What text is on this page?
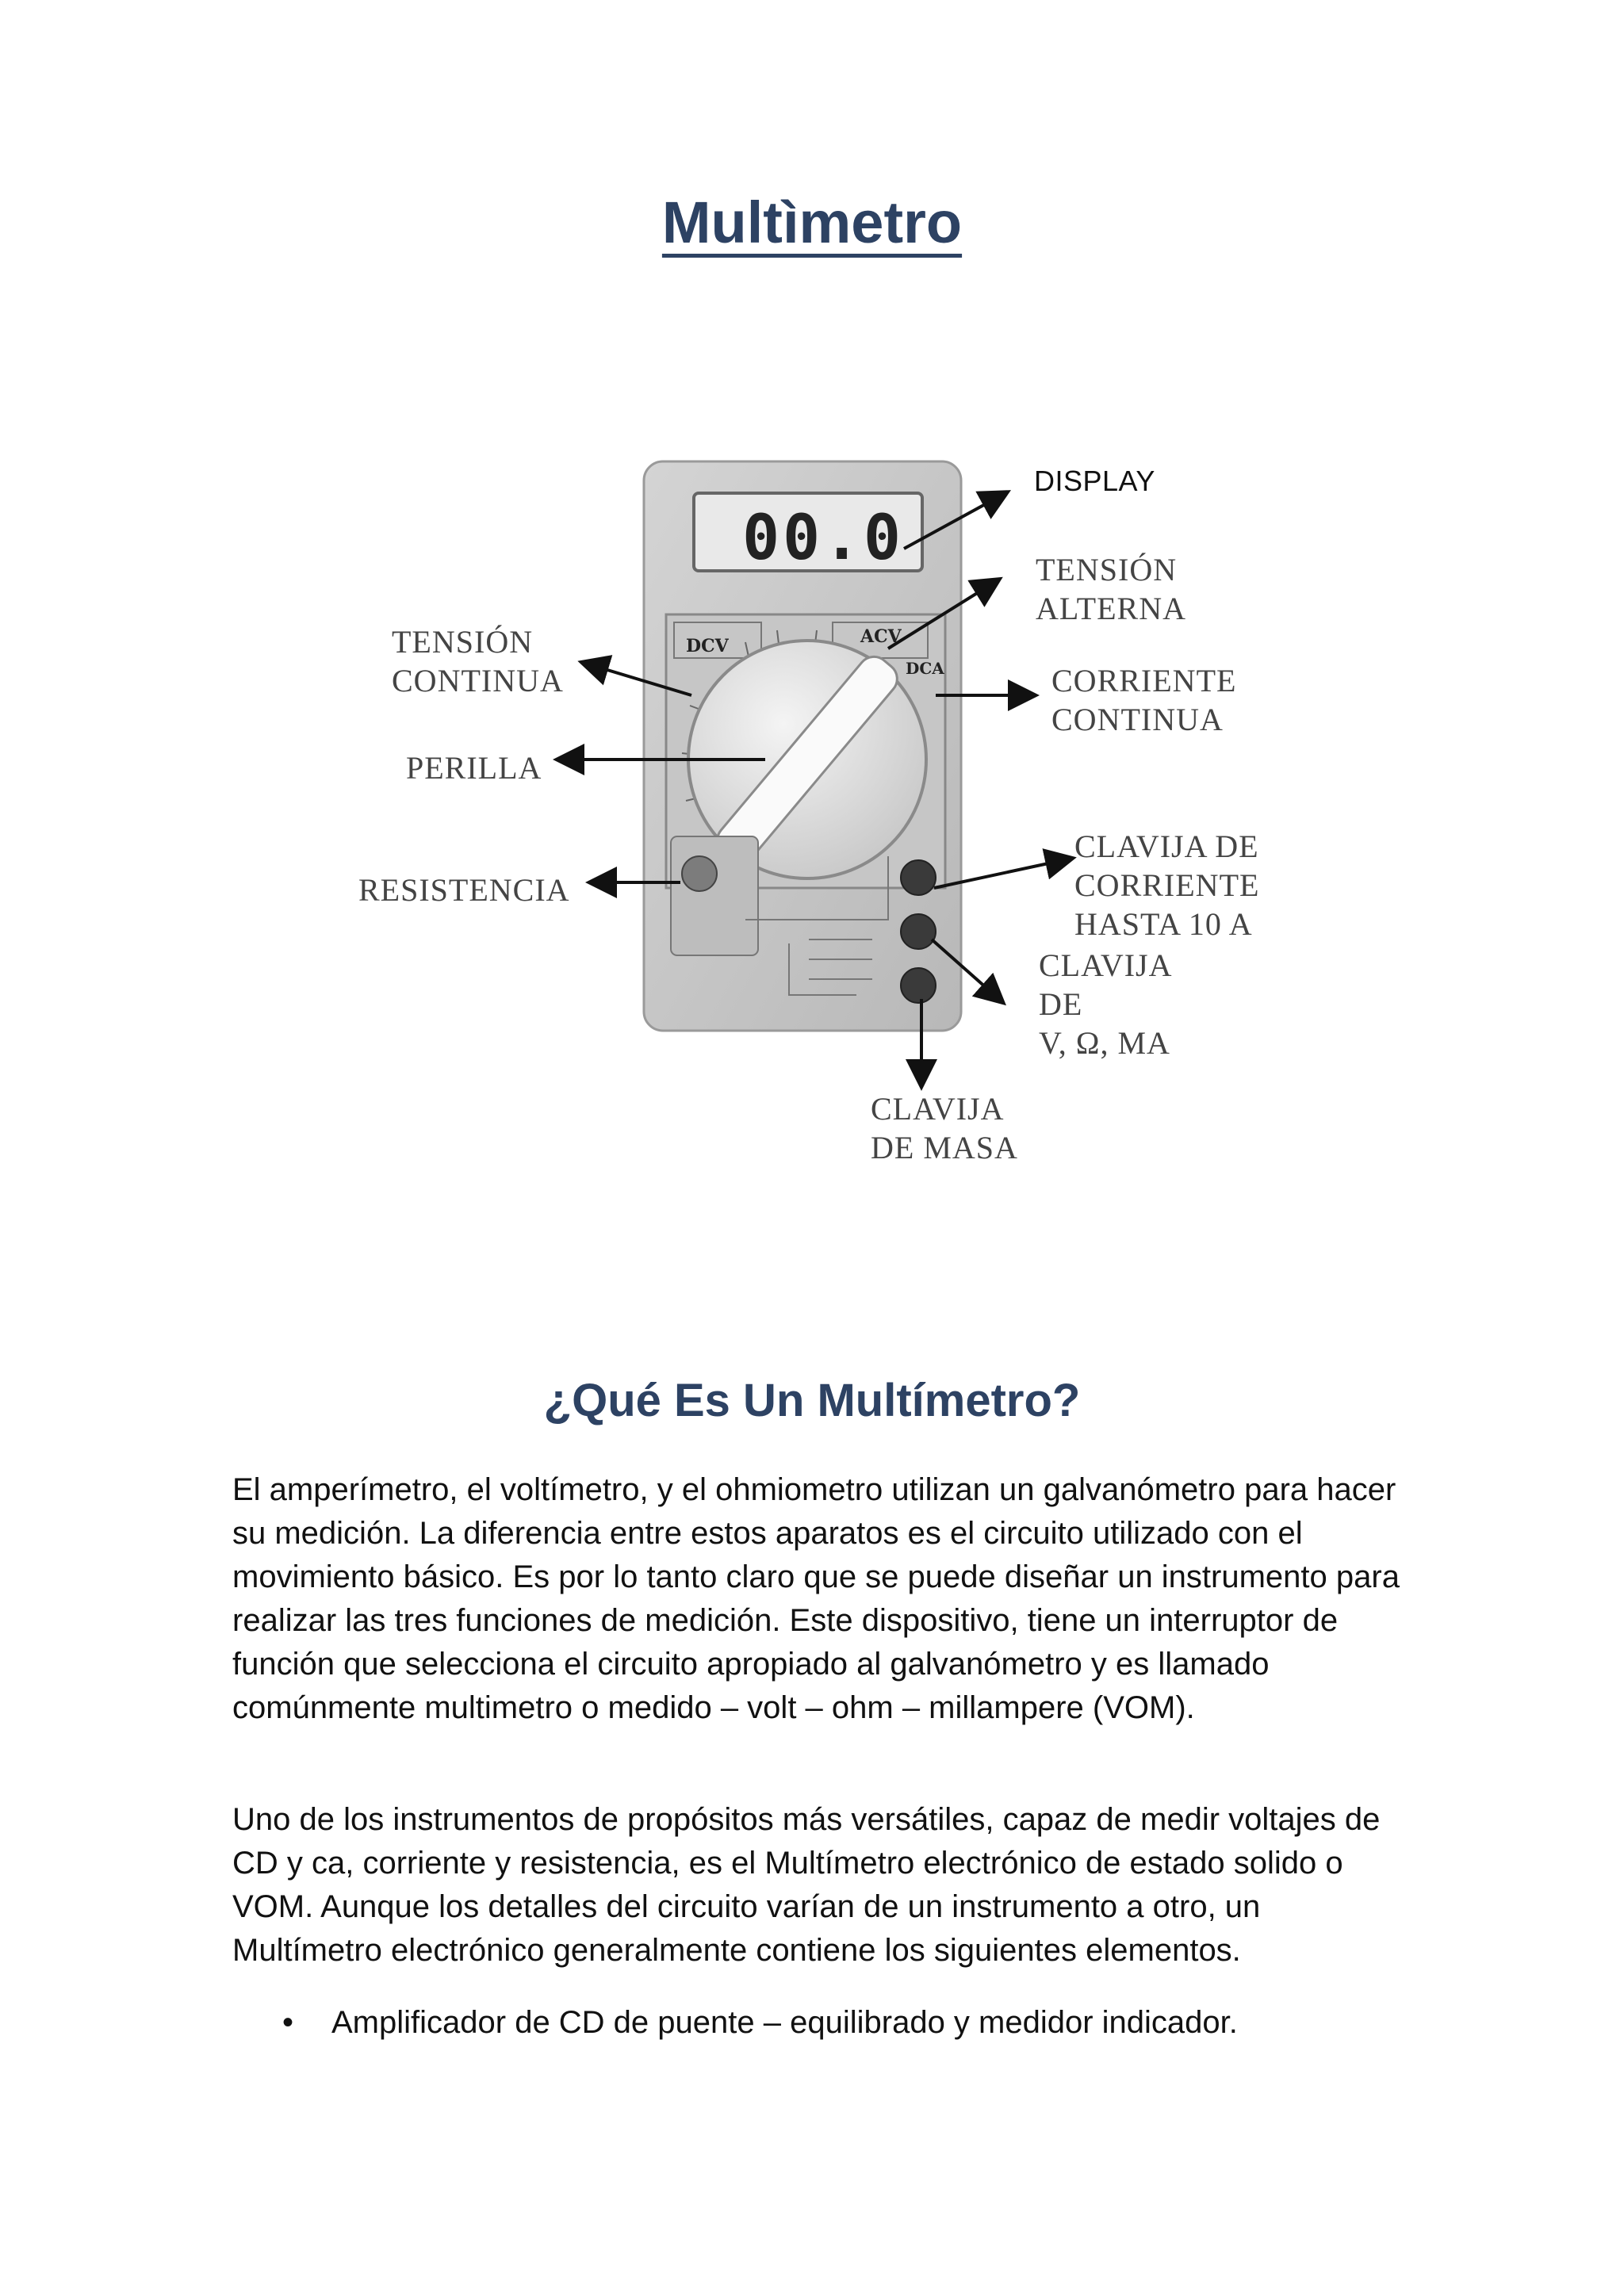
Multìmetro
00.0
DCV	ACV
DCA
DISPLAY
TENSIÓN
ALTERNA
TENSIÓN
CONTINUA	CORRIENTE
CONTINUA
PERILLA
RESISTENCIA
CLAVIJA DE
CORRIENTE
HASTA 10 A
CLAVIJA
DE
V, Ω, MA
CLAVIJA
DE MASA
¿Qué Es Un Multímetro?

El amperímetro, el voltímetro, y el ohmiometro utilizan un galvanómetro para hacer su medición. La diferencia entre estos aparatos es el circuito utilizado con el movimiento básico. Es por lo tanto claro que se puede diseñar un instrumento para realizar las tres funciones de medición. Este dispositivo, tiene un interruptor de función que selecciona el circuito apropiado al galvanómetro y es llamado comúnmente multimetro o medido – volt – ohm – millampere (VOM).

Uno de los instrumentos de propósitos más versátiles, capaz de medir voltajes de CD y ca, corriente y resistencia, es el Multímetro electrónico de estado solido o VOM. Aunque los detalles del circuito varían de un instrumento a otro, un Multímetro electrónico generalmente contiene los siguientes elementos.

• Amplificador de CD de puente – equilibrado y medidor indicador.
